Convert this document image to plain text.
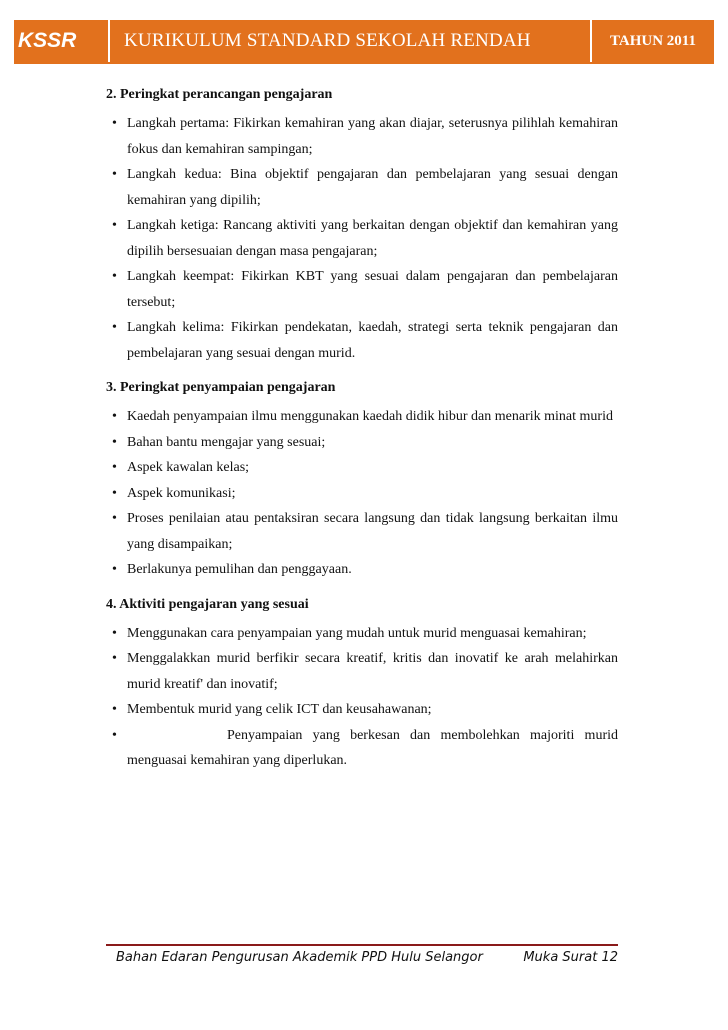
KSSR	KURIKULUM STANDARD SEKOLAH RENDAH	TAHUN 2011
2. Peringkat perancangan pengajaran
• Langkah pertama: Fikirkan kemahiran yang akan diajar, seterusnya pilihlah kemahiran fokus dan kemahiran sampingan;
• Langkah kedua: Bina objektif pengajaran dan pembelajaran yang sesuai dengan kemahiran yang dipilih;
• Langkah ketiga: Rancang aktiviti yang berkaitan dengan objektif dan kemahiran yang dipilih bersesuaian dengan masa pengajaran;
• Langkah keempat: Fikirkan KBT yang sesuai dalam pengajaran dan pembelajaran tersebut;
• Langkah kelima: Fikirkan pendekatan, kaedah, strategi serta teknik pengajaran dan pembelajaran yang sesuai dengan murid.
3. Peringkat penyampaian pengajaran
• Kaedah penyampaian ilmu menggunakan kaedah didik hibur dan menarik minat murid
• Bahan bantu mengajar yang sesuai;
• Aspek kawalan kelas;
• Aspek komunikasi;
• Proses penilaian atau pentaksiran secara langsung dan tidak langsung berkaitan ilmu yang disampaikan;
• Berlakunya pemulihan dan penggayaan.
4. Aktiviti pengajaran yang sesuai
• Menggunakan cara penyampaian yang mudah untuk murid menguasai kemahiran;
• Menggalakkan murid berfikir secara kreatif, kritis dan inovatif ke arah melahirkan murid kreatif' dan inovatif;
• Membentuk murid yang celik ICT dan keusahawanan;
• Penyampaian yang berkesan dan membolehkan majoriti murid menguasai kemahiran yang diperlukan.
Bahan Edaran Pengurusan Akademik PPD Hulu Selangor	Muka Surat 12
